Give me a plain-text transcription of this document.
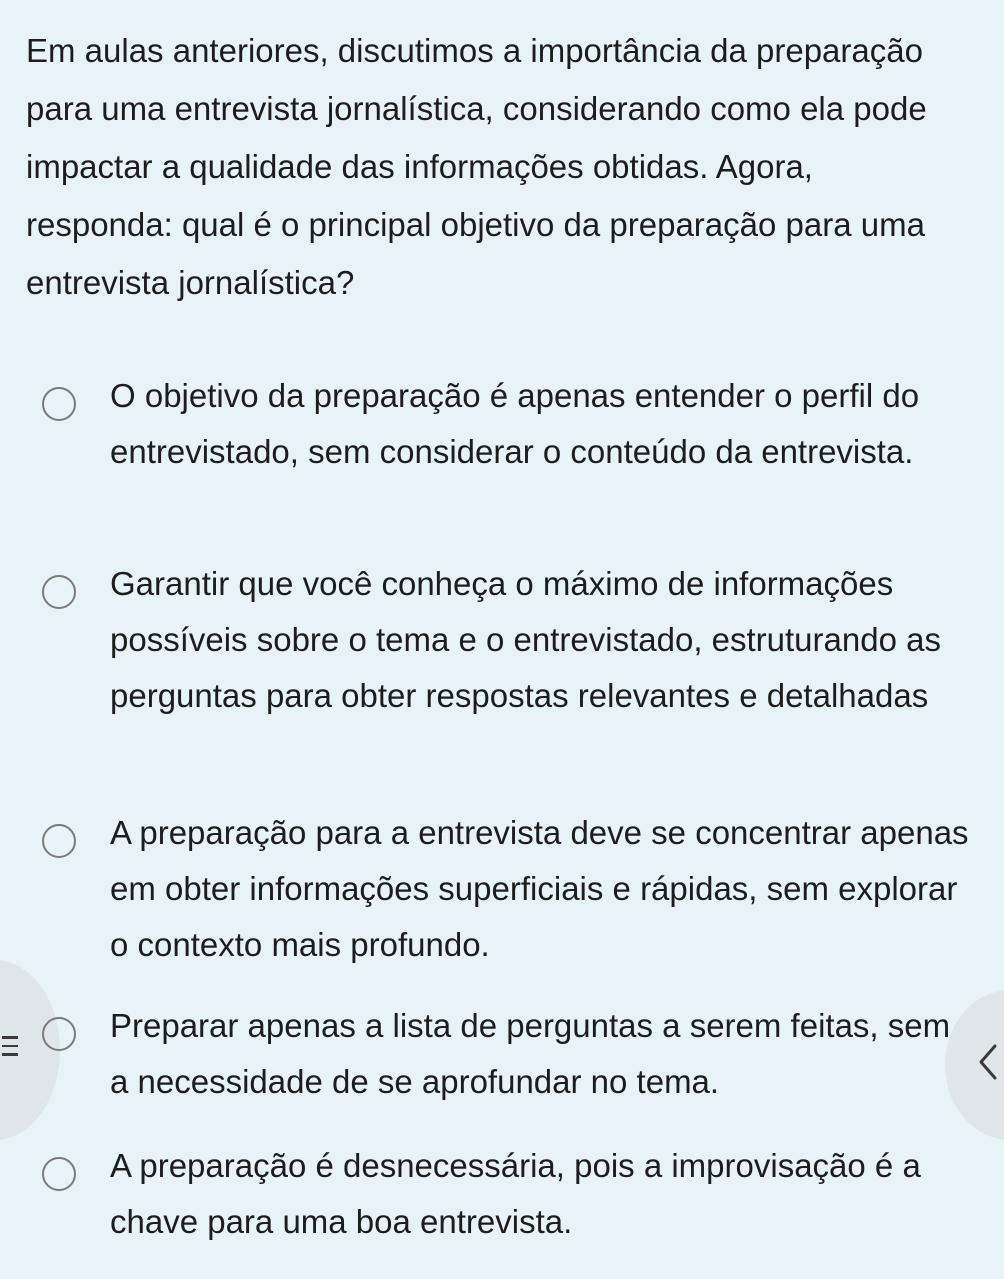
Em aulas anteriores, discutimos a importância da preparação para uma entrevista jornalística, considerando como ela pode impactar a qualidade das informações obtidas. Agora, responda: qual é o principal objetivo da preparação para uma entrevista jornalística?

O objetivo da preparação é apenas entender o perfil do entrevistado, sem considerar o conteúdo da entrevista.

Garantir que você conheça o máximo de informações possíveis sobre o tema e o entrevistado, estruturando as perguntas para obter respostas relevantes e detalhadas

A preparação para a entrevista deve se concentrar apenas em obter informações superficiais e rápidas, sem explorar o contexto mais profundo.

Preparar apenas a lista de perguntas a serem feitas, sem a necessidade de se aprofundar no tema.

A preparação é desnecessária, pois a improvisação é a chave para uma boa entrevista.
